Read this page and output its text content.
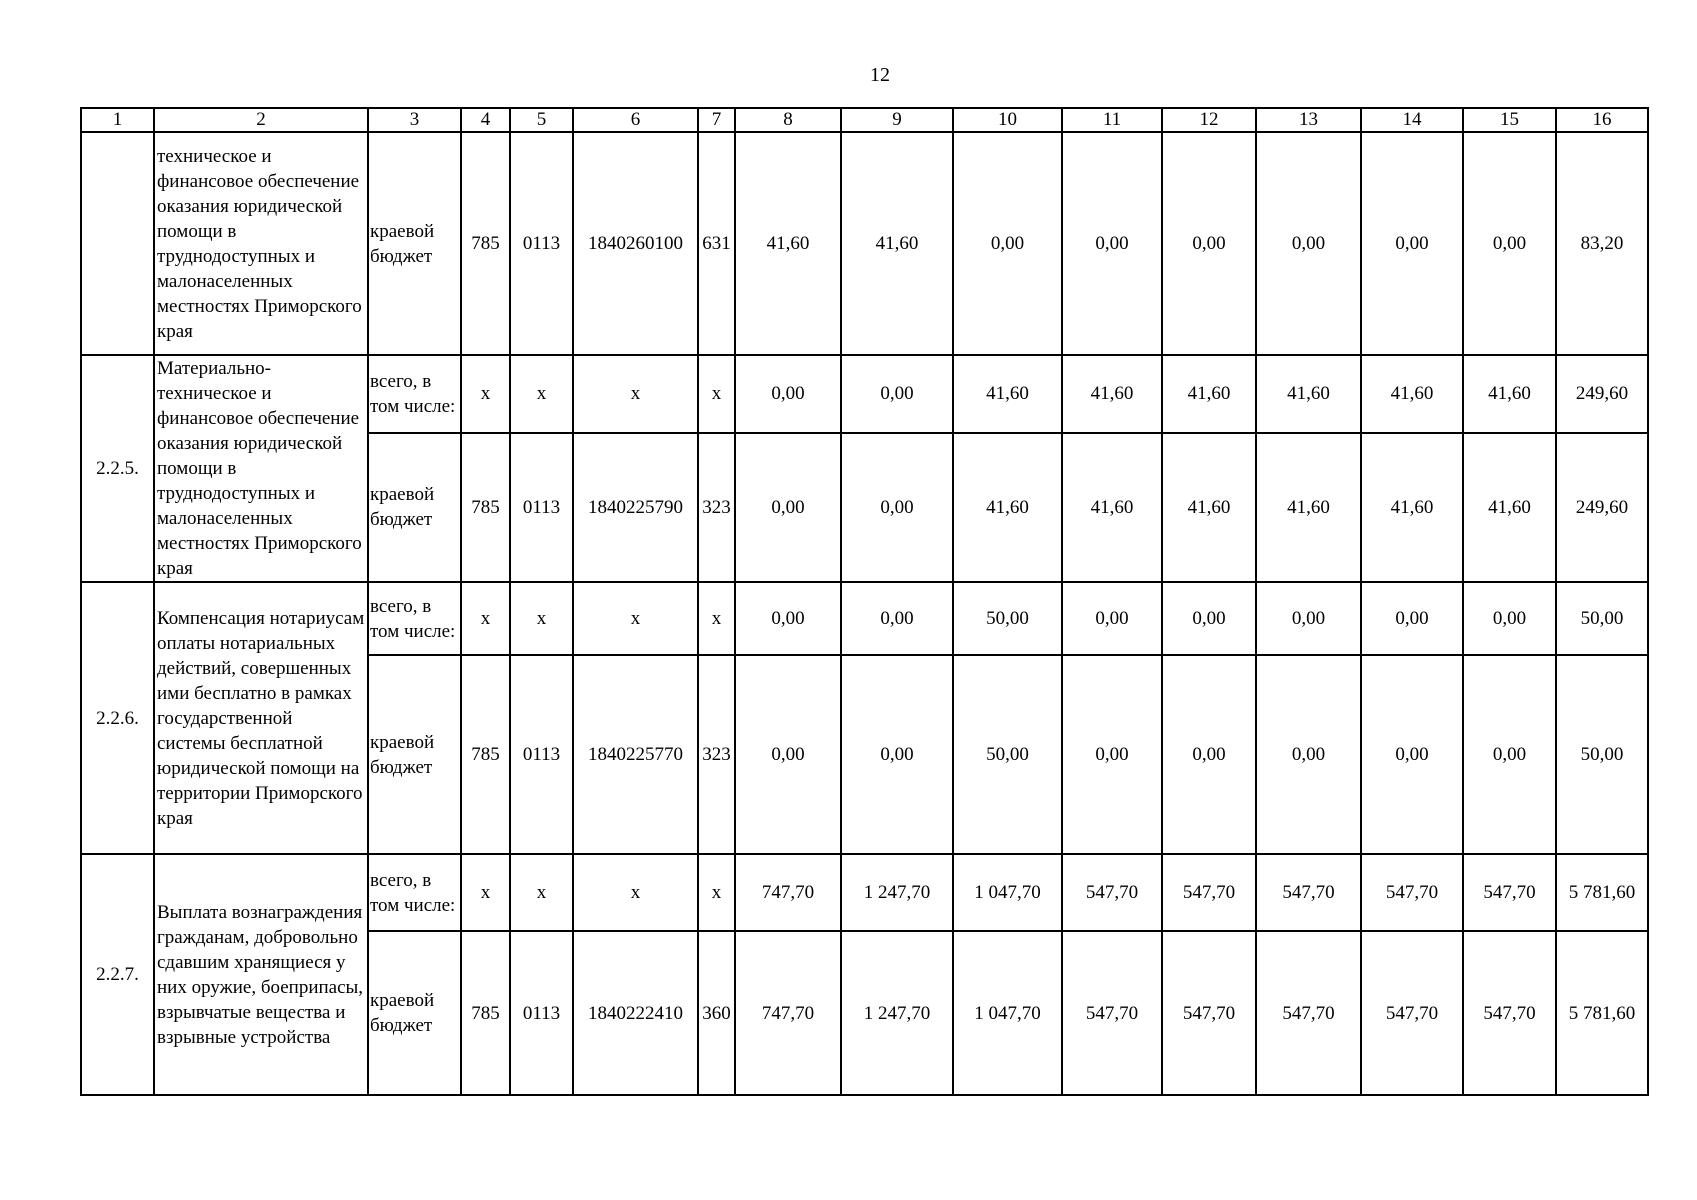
12
1	2	3	4	5	6	7	8	9	10	11	12	13	14	15	16
	техническое и финансовое обеспечение оказания юридической помощи в труднодоступных и малонаселенных местностях Приморского края	краевой бюджет	785	0113	1840260100	631	41,60	41,60	0,00	0,00	0,00	0,00	0,00	0,00	83,20
2.2.5.	Материально-техническое и финансовое обеспечение оказания юридической помощи в труднодоступных и малонаселенных местностях Приморского края	всего, в том числе:	x	x	x	x	0,00	0,00	41,60	41,60	41,60	41,60	41,60	41,60	249,60
		краевой бюджет	785	0113	1840225790	323	0,00	0,00	41,60	41,60	41,60	41,60	41,60	41,60	249,60
2.2.6.	Компенсация нотариусам оплаты нотариальных действий, совершенных ими бесплатно в рамках государственной системы бесплатной юридической помощи на территории Приморского края	всего, в том числе:	x	x	x	x	0,00	0,00	50,00	0,00	0,00	0,00	0,00	0,00	50,00
		краевой бюджет	785	0113	1840225770	323	0,00	0,00	50,00	0,00	0,00	0,00	0,00	0,00	50,00
2.2.7.	Выплата вознаграждения гражданам, добровольно сдавшим хранящиеся у них оружие, боеприпасы, взрывчатые вещества и взрывные устройства	всего, в том числе:	x	x	x	x	747,70	1 247,70	1 047,70	547,70	547,70	547,70	547,70	547,70	5 781,60
		краевой бюджет	785	0113	1840222410	360	747,70	1 247,70	1 047,70	547,70	547,70	547,70	547,70	547,70	5 781,60
